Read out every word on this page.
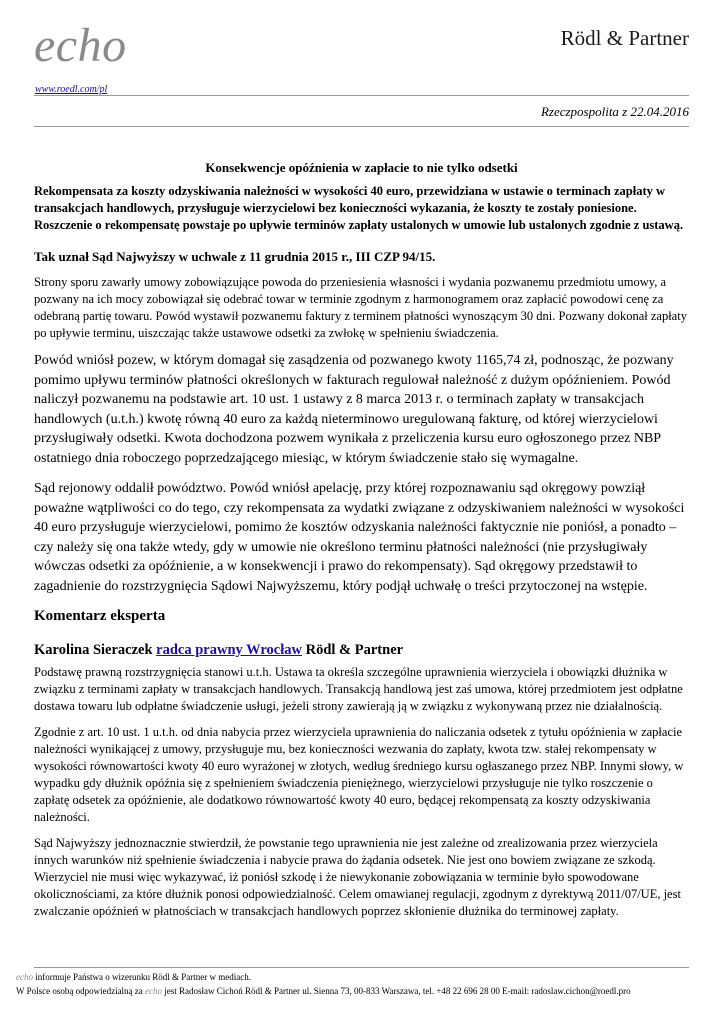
echo
www.roedl.com/pl
Rödl & Partner
Rzeczpospolita z 22.04.2016

Konsekwencje opóźnienia w zapłacie to nie tylko odsetki

Rekompensata za koszty odzyskiwania należności w wysokości 40 euro, przewidziana w ustawie o terminach zapłaty w transakcjach handlowych, przysługuje wierzycielowi bez konieczności wykazania, że koszty te zostały poniesione. Roszczenie o rekompensatę powstaje po upływie terminów zapłaty ustalonych w umowie lub ustalonych zgodnie z ustawą.

Tak uznał Sąd Najwyższy w uchwale z 11 grudnia 2015 r., III CZP 94/15.

Strony sporu zawarły umowy zobowiązujące powoda do przeniesienia własności i wydania pozwanemu przedmiotu umowy, a pozwany na ich mocy zobowiązał się odebrać towar w terminie zgodnym z harmonogramem oraz zapłacić powodowi cenę za odebraną partię towaru. Powód wystawił pozwanemu faktury z terminem płatności wynoszącym 30 dni. Pozwany dokonał zapłaty po upływie terminu, uiszczając także ustawowe odsetki za zwłokę w spełnieniu świadczenia.

Powód wniósł pozew, w którym domagał się zasądzenia od pozwanego kwoty 1165,74 zł, podnosząc, że pozwany pomimo upływu terminów płatności określonych w fakturach regulował należność z dużym opóźnieniem. Powód naliczył pozwanemu na podstawie art. 10 ust. 1 ustawy z 8 marca 2013 r. o terminach zapłaty w transakcjach handlowych (u.t.h.) kwotę równą 40 euro za każdą nieterminowo uregulowaną fakturę, od której wierzycielowi przysługiwały odsetki. Kwota dochodzona pozwem wynikała z przeliczenia kursu euro ogłoszonego przez NBP ostatniego dnia roboczego poprzedzającego miesiąc, w którym świadczenie stało się wymagalne.

Sąd rejonowy oddalił powództwo. Powód wniósł apelację, przy której rozpoznawaniu sąd okręgowy powziął poważne wątpliwości co do tego, czy rekompensata za wydatki związane z odzyskiwaniem należności w wysokości 40 euro przysługuje wierzycielowi, pomimo że kosztów odzyskania należności faktycznie nie poniósł, a ponadto – czy należy się ona także wtedy, gdy w umowie nie określono terminu płatności należności (nie przysługiwały wówczas odsetki za opóźnienie, a w konsekwencji i prawo do rekompensaty). Sąd okręgowy przedstawił to zagadnienie do rozstrzygnięcia Sądowi Najwyższemu, który podjął uchwałę o treści przytoczonej na wstępie.

Komentarz eksperta

Karolina Sieraczek radca prawny Wrocław Rödl & Partner

Podstawę prawną rozstrzygnięcia stanowi u.t.h. Ustawa ta określa szczególne uprawnienia wierzyciela i obowiązki dłużnika w związku z terminami zapłaty w transakcjach handlowych. Transakcją handlową jest zaś umowa, której przedmiotem jest odpłatne dostawa towaru lub odpłatne świadczenie usługi, jeżeli strony zawierają ją w związku z wykonywaną przez nie działalnością.

Zgodnie z art. 10 ust. 1 u.t.h. od dnia nabycia przez wierzyciela uprawnienia do naliczania odsetek z tytułu opóźnienia w zapłacie należności wynikającej z umowy, przysługuje mu, bez konieczności wezwania do zapłaty, kwota tzw. stałej rekompensaty w wysokości równowartości kwoty 40 euro wyrażonej w złotych, według średniego kursu ogłaszanego przez NBP. Innymi słowy, w wypadku gdy dłużnik opóźnia się z spełnieniem świadczenia pieniężnego, wierzycielowi przysługuje nie tylko roszczenie o zapłatę odsetek za opóźnienie, ale dodatkowo równowartość kwoty 40 euro, będącej rekompensatą za koszty odzyskiwania należności.

Sąd Najwyższy jednoznacznie stwierdził, że powstanie tego uprawnienia nie jest zależne od zrealizowania przez wierzyciela innych warunków niż spełnienie świadczenia i nabycie prawa do żądania odsetek. Nie jest ono bowiem związane ze szkodą. Wierzyciel nie musi więc wykazywać, iż poniósł szkodę i że niewykonanie zobowiązania w terminie było spowodowane okolicznościami, za które dłużnik ponosi odpowiedzialność. Celem omawianej regulacji, zgodnym z dyrektywą 2011/07/UE, jest zwalczanie opóźnień w płatnościach w transakcjach handlowych poprzez skłonienie dłużnika do terminowej zapłaty.

echo informuje Państwa o wizerunku Rödl & Partner w mediach.
W Polsce osobą odpowiedzialną za echo jest Radosław Cichoń Rödl & Partner ul. Sienna 73, 00-833 Warszawa, tel. +48 22 696 28 00 E-mail: radoslaw.cichon@roedl.pro
